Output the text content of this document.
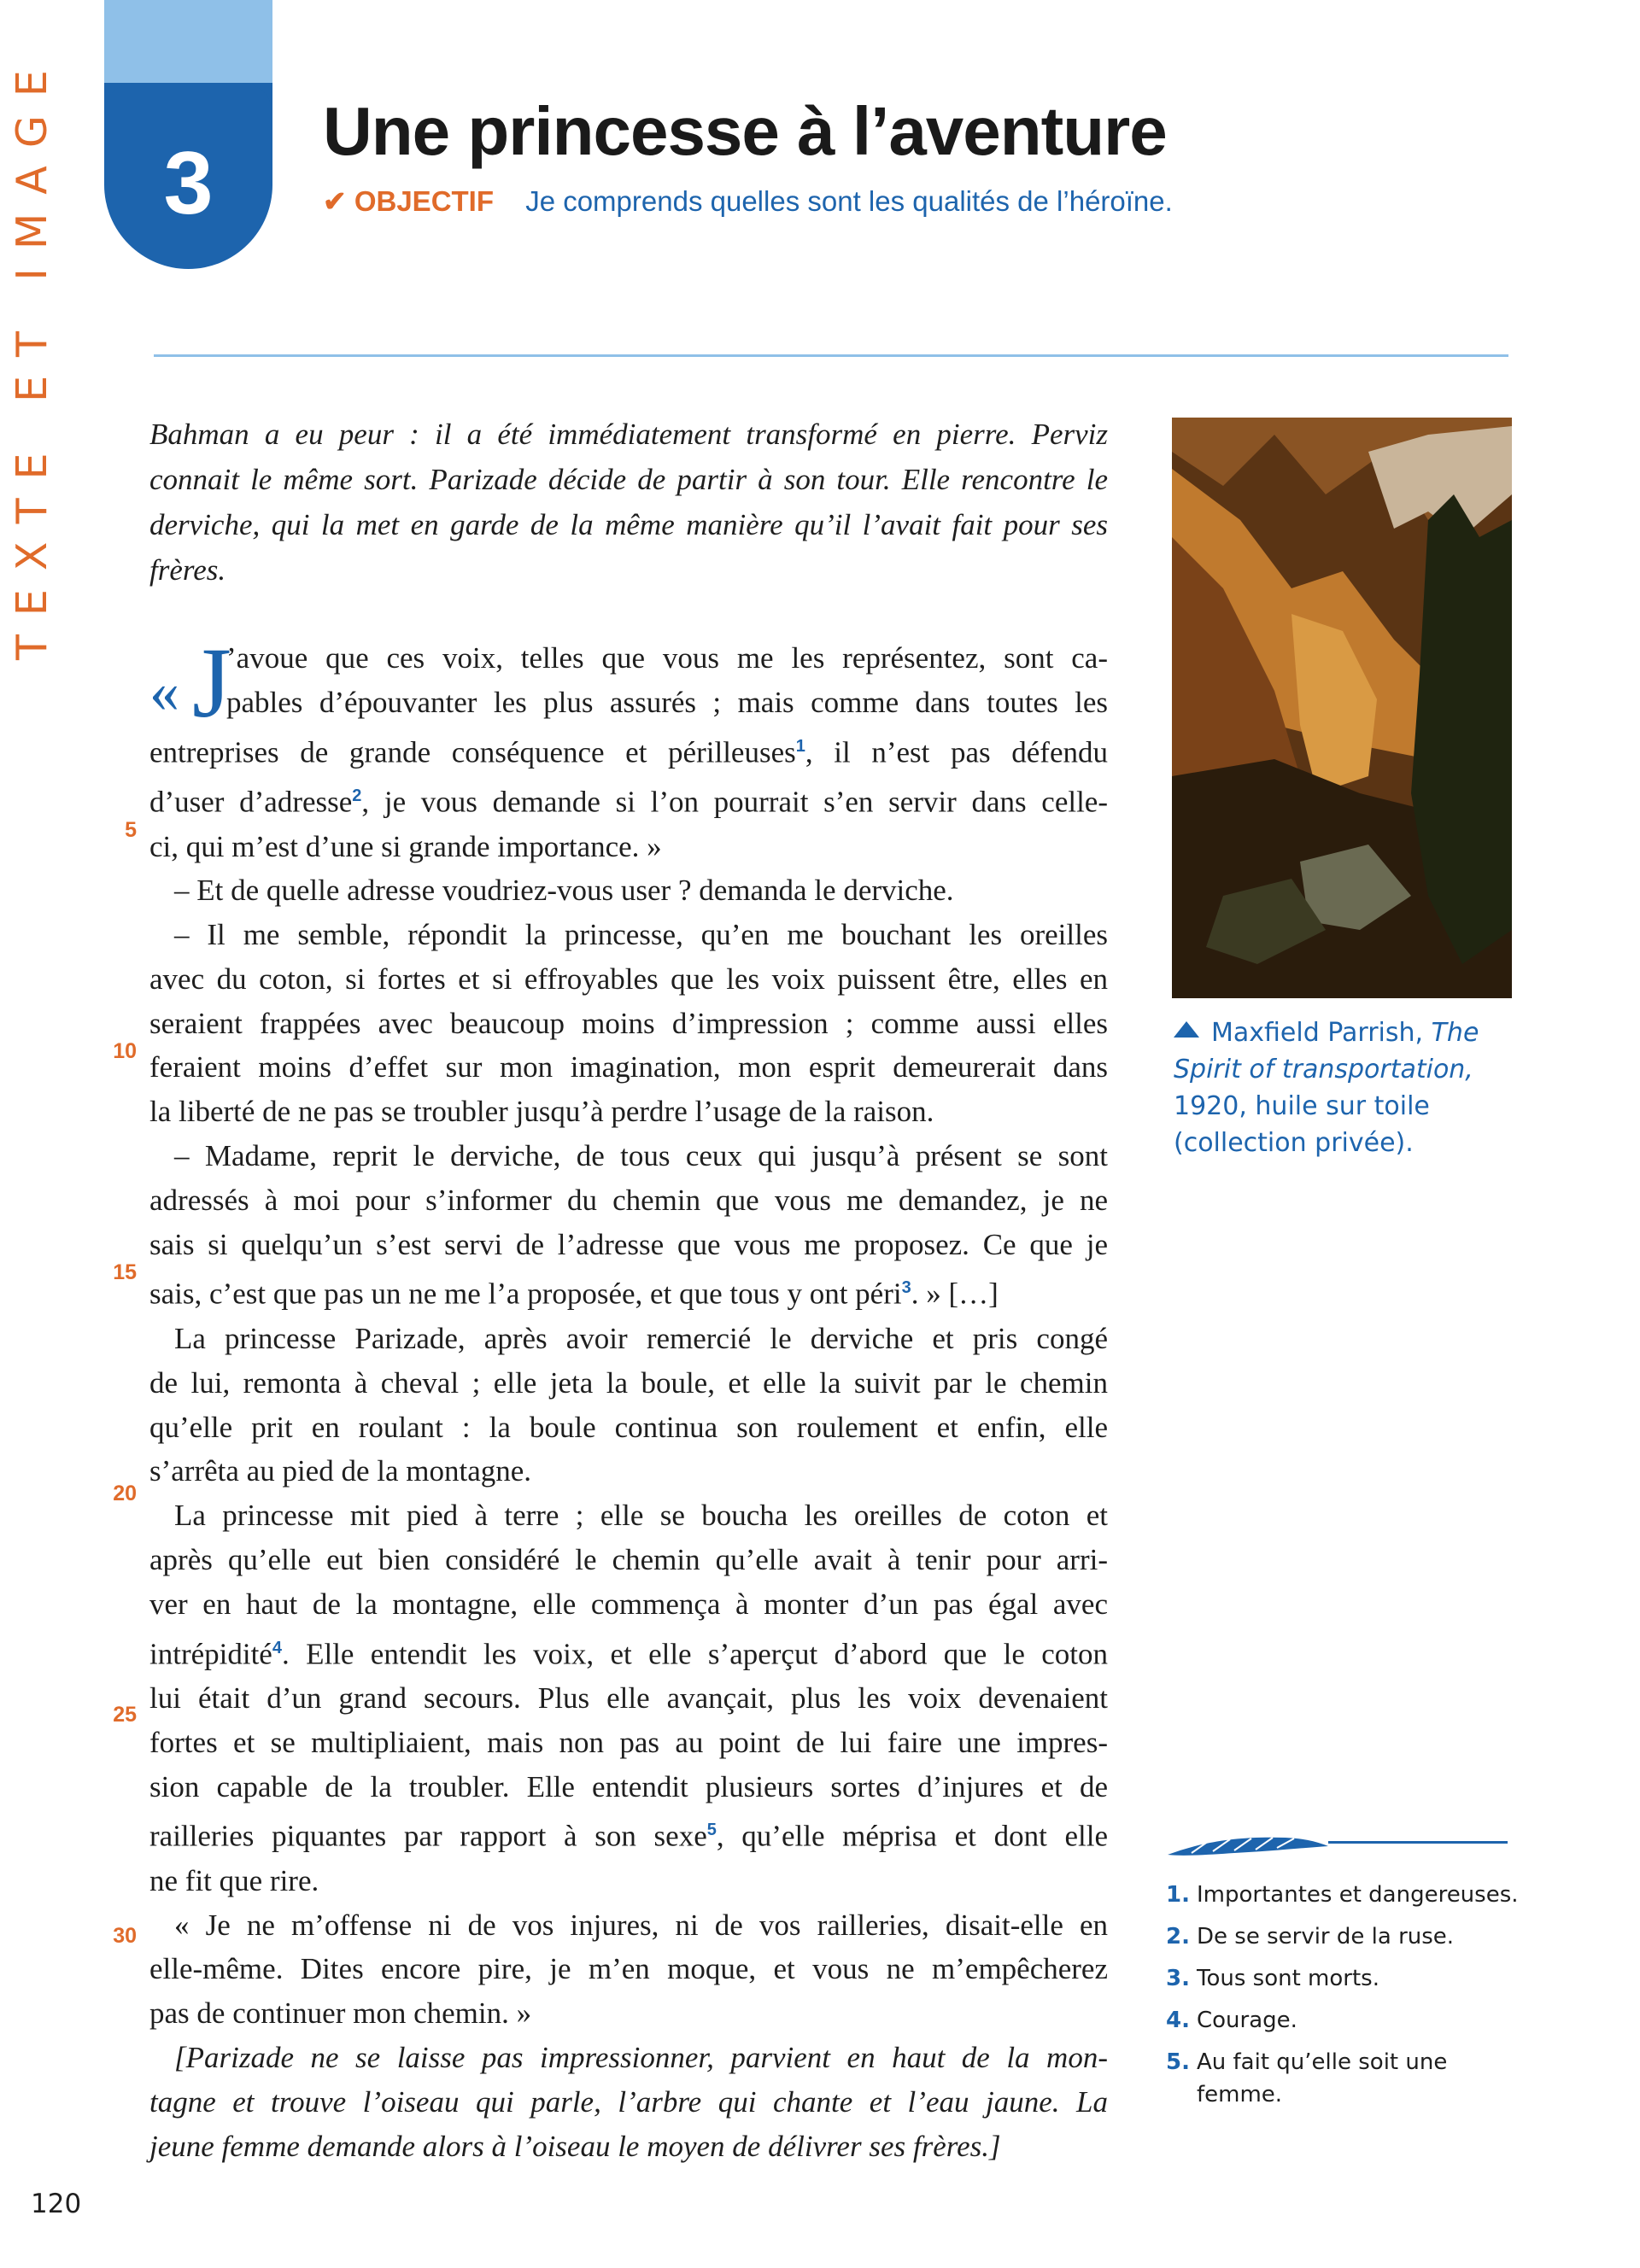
TEXTE ET IMAGE	3
Une princesse à l’aventure
✔ OBJECTIF Je comprends quelles sont les qualités de l’héroïne.

Bahman a eu peur : il a été immédiatement transformé en pierre. Perviz connait le même sort. Parizade décide de partir à son tour. Elle rencontre le derviche, qui la met en garde de la même manière qu’il l’avait fait pour ses frères.

5
10
15
20
25
30
« J
’avoue que ces voix, telles que vous me les représentez, sont ca-
pables d’épouvanter les plus assurés ; mais comme dans toutes les
entreprises de grande conséquence et périlleuses$^1$, il n’est pas défendu
d’user d’adresse$^2$, je vous demande si l’on pourrait s’en servir dans celle-
ci, qui m’est d’une si grande importance. »
– Et de quelle adresse voudriez-vous user ? demanda le derviche.
– Il me semble, répondit la princesse, qu’en me bouchant les oreilles
avec du coton, si fortes et si effroyables que les voix puissent être, elles en
seraient frappées avec beaucoup moins d’impression ; comme aussi elles
feraient moins d’effet sur mon imagination, mon esprit demeurerait dans
la liberté de ne pas se troubler jusqu’à perdre l’usage de la raison.
– Madame, reprit le derviche, de tous ceux qui jusqu’à présent se sont
adressés à moi pour s’informer du chemin que vous me demandez, je ne
sais si quelqu’un s’est servi de l’adresse que vous me proposez. Ce que je
sais, c’est que pas un ne me l’a proposée, et que tous y ont péri$^3$. » […]
La princesse Parizade, après avoir remercié le derviche et pris congé
de lui, remonta à cheval ; elle jeta la boule, et elle la suivit par le chemin
qu’elle prit en roulant : la boule continua son roulement et enfin, elle
s’arrêta au pied de la montagne.
La princesse mit pied à terre ; elle se boucha les oreilles de coton et
après qu’elle eut bien considéré le chemin qu’elle avait à tenir pour arri-
ver en haut de la montagne, elle commença à monter d’un pas égal avec
intrépidité$^4$. Elle entendit les voix, et elle s’aperçut d’abord que le coton
lui était d’un grand secours. Plus elle avançait, plus les voix devenaient
fortes et se multipliaient, mais non pas au point de lui faire une impres-
sion capable de la troubler. Elle entendit plusieurs sortes d’injures et de
railleries piquantes par rapport à son sexe$^5$, qu’elle méprisa et dont elle
ne fit que rire.
« Je ne m’offense ni de vos injures, ni de vos railleries, disait-elle en
elle-même. Dites encore pire, je m’en moque, et vous ne m’empêcherez
pas de continuer mon chemin. »
[Parizade ne se laisse pas impressionner, parvient en haut de la mon-
tagne et trouve l’oiseau qui parle, l’arbre qui chante et l’eau jaune. La
jeune femme demande alors à l’oiseau le moyen de délivrer ses frères.]
Maxfield Parrish, The Spirit of transportation, 1920, huile sur toile (collection privée).
1. Importantes et dangereuses.
2. De se servir de la ruse.
3. Tous sont morts.
4. Courage.
5. Au fait qu’elle soit une femme.
120
